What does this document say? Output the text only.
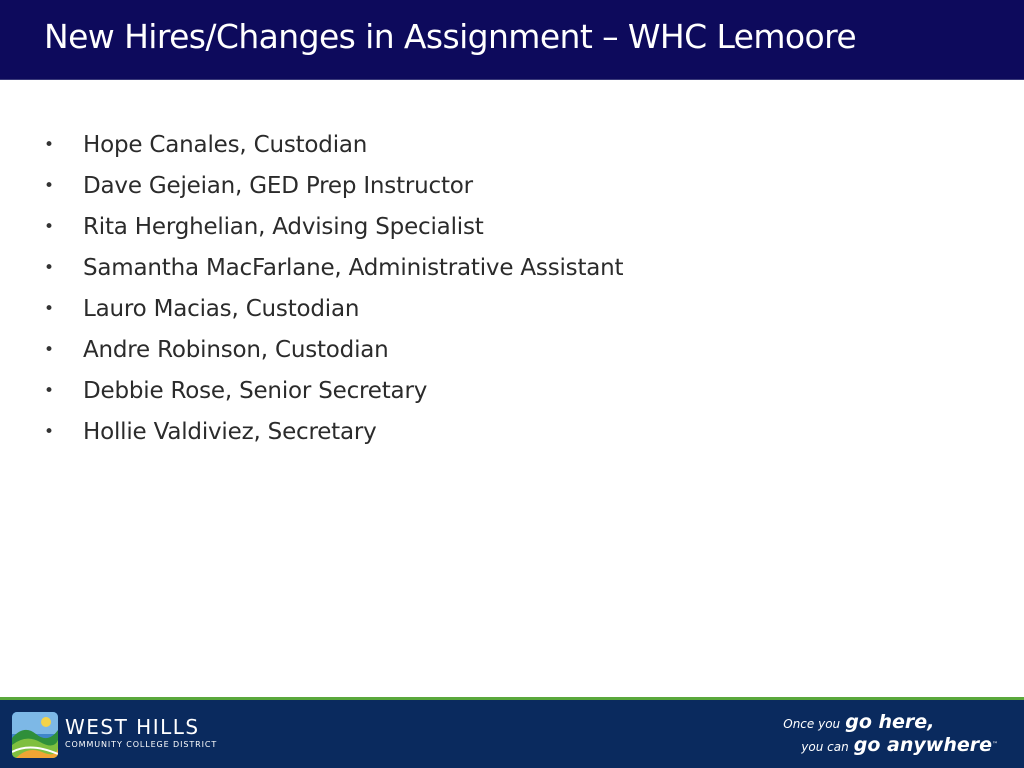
New Hires/Changes in Assignment – WHC Lemoore
•	Hope Canales, Custodian
•	Dave Gejeian, GED Prep Instructor
•	Rita Herghelian, Advising Specialist
•	Samantha MacFarlane, Administrative Assistant
•	Lauro Macias, Custodian
•	Andre Robinson, Custodian
•	Debbie Rose, Senior Secretary
•	Hollie Valdiviez, Secretary
WEST HILLS
COMMUNITY COLLEGE DISTRICT
Once you go here,
you can go anywhere™
